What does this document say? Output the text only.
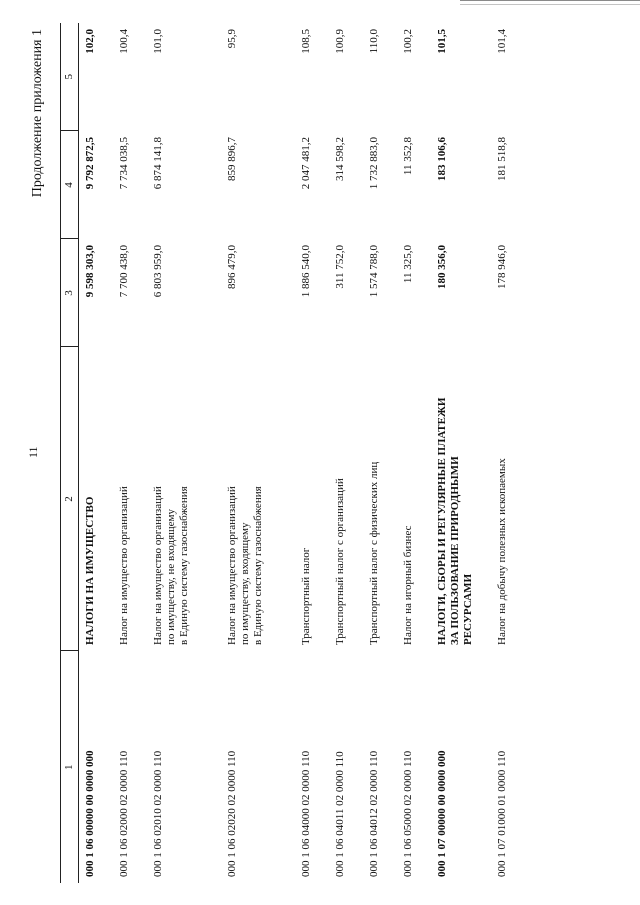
11
Продолжение приложения 1
1	2	3	4	5
000 1 06 00000 00 0000 000	НАЛОГИ НА ИМУЩЕСТВО	9 598 303,0	9 792 872,5	102,0
000 1 06 02000 02 0000 110	Налог на имущество организаций	7 700 438,0	7 734 038,5	100,4
000 1 06 02010 02 0000 110	Налог на имущество организаций по имуществу, не входящему в Единую систему газоснабжения	6 803 959,0	6 874 141,8	101,0
000 1 06 02020 02 0000 110	Налог на имущество организаций по имуществу, входящему в Единую систему газоснабжения	896 479,0	859 896,7	95,9
000 1 06 04000 02 0000 110	Транспортный налог	1 886 540,0	2 047 481,2	108,5
000 1 06 04011 02 0000 110	Транспортный налог с организаций	311 752,0	314 598,2	100,9
000 1 06 04012 02 0000 110	Транспортный налог с физических лиц	1 574 788,0	1 732 883,0	110,0
000 1 06 05000 02 0000 110	Налог на игорный бизнес	11 325,0	11 352,8	100,2
000 1 07 00000 00 0000 000	НАЛОГИ, СБОРЫ И РЕГУЛЯРНЫЕ ПЛАТЕЖИ ЗА ПОЛЬЗОВАНИЕ ПРИРОДНЫМИ РЕСУРСАМИ	180 356,0	183 106,6	101,5
000 1 07 01000 01 0000 110	Налог на добычу полезных ископаемых	178 946,0	181 518,8	101,4
